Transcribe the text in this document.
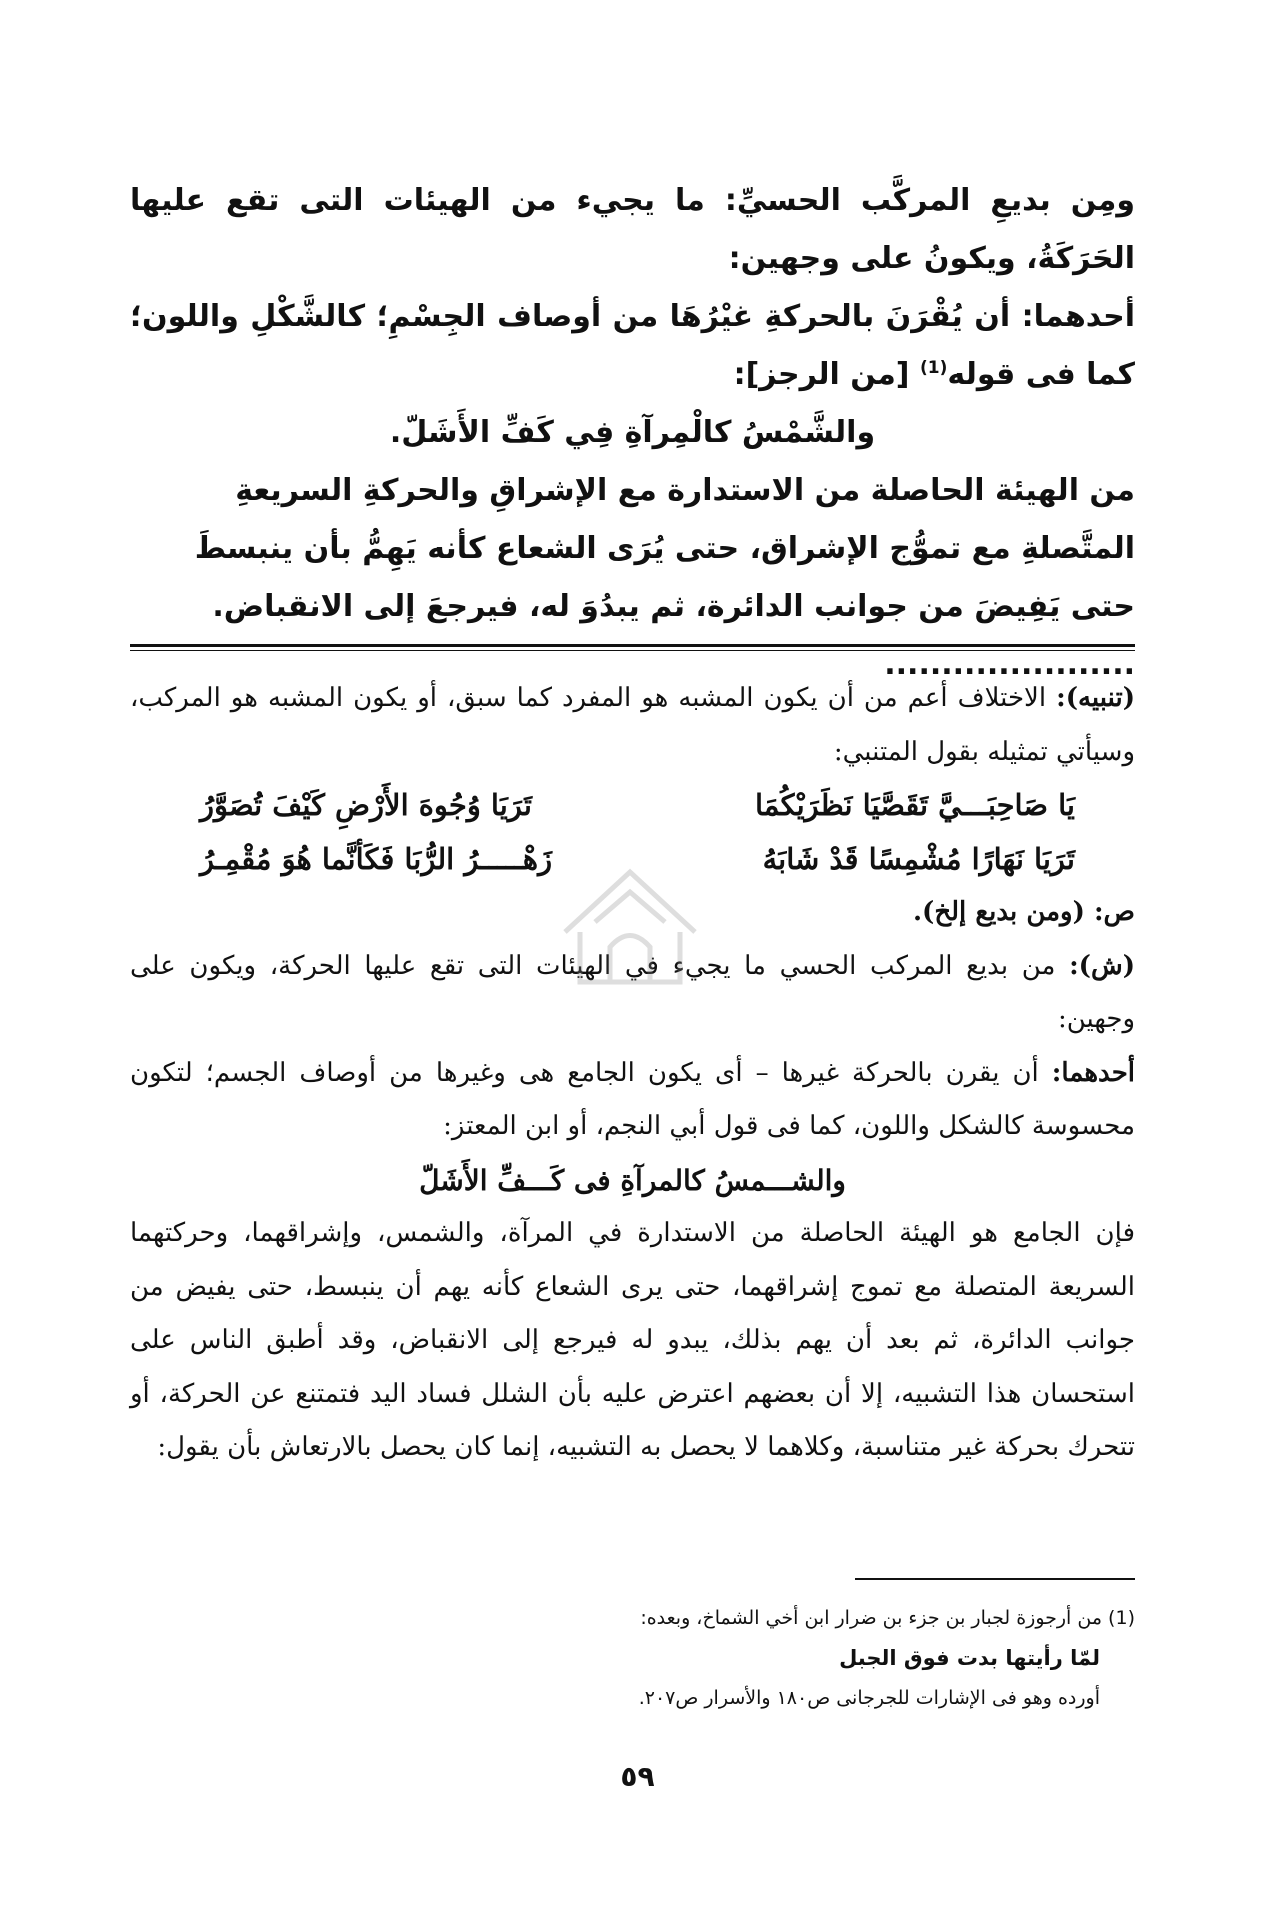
ومِن بديعِ المركَّب الحسيِّ: ما يجيء من الهيئات التى تقع عليها الحَرَكَةُ، ويكونُ على وجهين:

أحدهما: أن يُقْرَنَ بالحركةِ غيْرُهَا من أوصاف الجِسْمِ؛ كالشَّكْلِ واللون؛ كما فى قوله$^{(1)}$ [من الرجز]:

والشَّمْسُ كالْمِرآةِ فِي كَفِّ الأَشَلّ.

من الهيئة الحاصلة من الاستدارة مع الإشراقِ والحركةِ السريعةِ المتَّصلةِ مع تموُّج الإشراق، حتى يُرَى الشعاع كأنه يَهِمُّ بأن ينبسطَ حتى يَفِيضَ من جوانب الدائرة، ثم يبدُوَ له، فيرجعَ إلى الانقباض. ......................

(تنبيه): الاختلاف أعم من أن يكون المشبه هو المفرد كما سبق، أو يكون المشبه هو المركب، وسيأتي تمثيله بقول المتنبي:

يَا صَاحِبَـــيَّ تَقَصَّيَا نَظَرَيْكُمَا
تَرَيَا وُجُوهَ الأَرْضِ كَيْفَ تُصَوَّرُ
تَرَيَا نَهَارًا مُشْمِسًا قَدْ شَابَهُ
زَهْـــــرُ الرُّبَا فَكَأنَّما هُوَ مُقْمِـرُ

ص: (ومن بديع إلخ).

(ش): من بديع المركب الحسي ما يجيء في الهيئات التى تقع عليها الحركة، ويكون على وجهين:

أحدهما: أن يقرن بالحركة غيرها – أى يكون الجامع هى وغيرها من أوصاف الجسم؛ لتكون محسوسة كالشكل واللون، كما فى قول أبي النجم، أو ابن المعتز:

والشـــمسُ كالمرآةِ فى كَـــفِّ الأَشَلّ

فإن الجامع هو الهيئة الحاصلة من الاستدارة في المرآة، والشمس، وإشراقهما، وحركتهما السريعة المتصلة مع تموج إشراقهما، حتى يرى الشعاع كأنه يهم أن ينبسط، حتى يفيض من جوانب الدائرة، ثم بعد أن يهم بذلك، يبدو له فيرجع إلى الانقباض، وقد أطبق الناس على استحسان هذا التشبيه، إلا أن بعضهم اعترض عليه بأن الشلل فساد اليد فتمتنع عن الحركة، أو تتحرك بحركة غير متناسبة، وكلاهما لا يحصل به التشبيه، إنما كان يحصل بالارتعاش بأن يقول:

(1) من أرجوزة لجبار بن جزء بن ضرار ابن أخي الشماخ، وبعده:

لمّا رأيتها بدت فوق الجبل

أورده وهو فى الإشارات للجرجانى ص١٨٠ والأسرار ص٢٠٧.

٥٩
